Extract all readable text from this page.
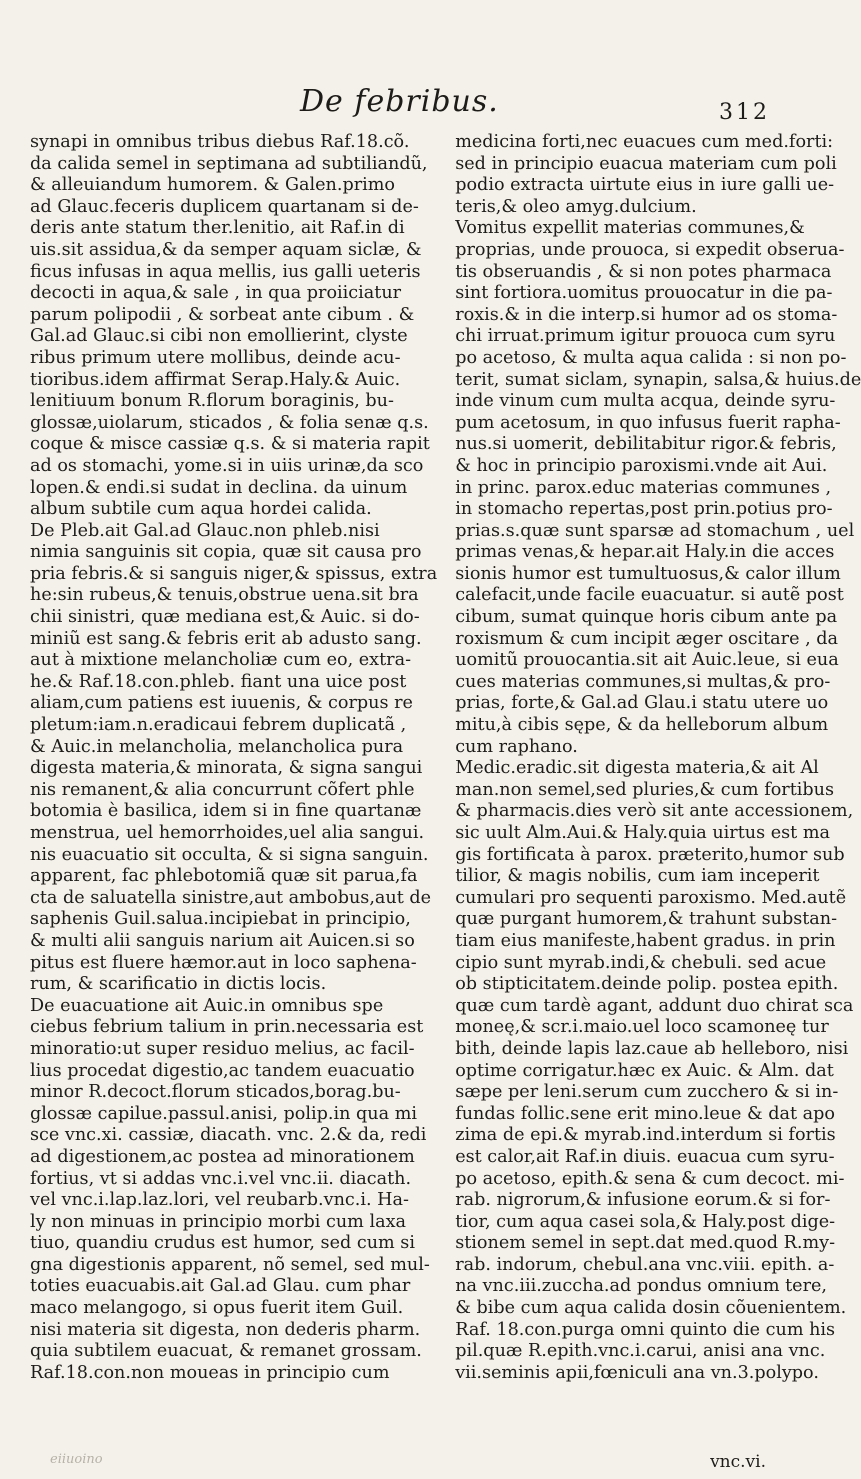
De febribus.	312
synapi in omnibus tribus diebus Raf.18.cõ.
da calida semel in septimana ad subtiliandũ,
& alleuiandum humorem. & Galen.primo
ad Glauc.feceris duplicem quartanam si de-
deris ante statum ther.lenitio, ait Raf.in di
uis.sit assidua,& da semper aquam siclæ, &
ficus infusas in aqua mellis, ius galli ueteris
decocti in aqua,& sale , in qua proiiciatur
parum polipodii , & sorbeat ante cibum . &
Gal.ad Glauc.si cibi non emollierint, clyste
ribus primum utere mollibus, deinde acu-
tioribus.idem affirmat Serap.Haly.& Auic.
lenitiuum bonum R.florum boraginis, bu-
glossæ,uiolarum, sticados , & folia senæ q.s.
coque & misce cassiæ q.s. & si materia rapit
ad os stomachi, yome.si in uiis urinæ,da sco
lopen.& endi.si sudat in declina. da uinum
album subtile cum aqua hordei calida.
De Pleb.ait Gal.ad Glauc.non phleb.nisi
nimia sanguinis sit copia, quæ sit causa pro
pria febris.& si sanguis niger,& spissus, extra
he:sin rubeus,& tenuis,obstrue uena.sit bra
chii sinistri, quæ mediana est,& Auic. si do-
miniũ est sang.& febris erit ab adusto sang.
aut à mixtione melancholiæ cum eo, extra-
he.& Raf.18.con.phleb. fiant una uice post
aliam,cum patiens est iuuenis, & corpus re
pletum:iam.n.eradicaui febrem duplicatã ,
& Auic.in melancholia, melancholica pura
digesta materia,& minorata, & signa sangui
nis remanent,& alia concurrunt cõfert phle
botomia è basilica, idem si in fine quartanæ
menstrua, uel hemorrhoides,uel alia sangui.
nis euacuatio sit occulta, & si signa sanguin.
apparent, fac phlebotomiã quæ sit parua,fa
cta de saluatella sinistre,aut ambobus,aut de
saphenis Guil.salua.incipiebat in principio,
& multi alii sanguis narium ait Auicen.si so
pitus est fluere hæmor.aut in loco saphena-
rum, & scarificatio in dictis locis.
De euacuatione ait Auic.in omnibus spe
ciebus febrium talium in prin.necessaria est
minoratio:ut super residuo melius, ac facil-
lius procedat digestio,ac tandem euacuatio
minor R.decoct.florum sticados,borag.bu-
glossæ capilue.passul.anisi, polip.in qua mi
sce vnc.xi. cassiæ, diacath. vnc. 2.& da, redi
ad digestionem,ac postea ad minorationem
fortius, vt si addas vnc.i.vel vnc.ii. diacath.
vel vnc.i.lap.laz.lori, vel reubarb.vnc.i. Ha-
ly non minuas in principio morbi cum laxa
tiuo, quandiu crudus est humor, sed cum si
gna digestionis apparent, nõ semel, sed mul-
toties euacuabis.ait Gal.ad Glau. cum phar
maco melangogo, si opus fuerit item Guil.
nisi materia sit digesta, non dederis pharm.
quia subtilem euacuat, & remanet grossam.
Raf.18.con.non moueas in principio cum
medicina forti,nec euacues cum med.forti:
sed in principio euacua materiam cum poli
podio extracta uirtute eius in iure galli ue-
teris,& oleo amyg.dulcium.
Vomitus expellit materias communes,&
proprias, unde prouoca, si expedit obserua-
tis obseruandis , & si non potes pharmaca
sint fortiora.uomitus prouocatur in die pa-
roxis.& in die interp.si humor ad os stoma-
chi irruat.primum igitur prouoca cum syru
po acetoso, & multa aqua calida : si non po-
terit, sumat siclam, synapin, salsa,& huius.de
inde vinum cum multa acqua, deinde syru-
pum acetosum, in quo infusus fuerit rapha-
nus.si uomerit, debilitabitur rigor.& febris,
& hoc in principio paroxismi.vnde ait Aui.
in princ. parox.educ materias communes ,
in stomacho repertas,post prin.potius pro-
prias.s.quæ sunt sparsæ ad stomachum , uel
primas venas,& hepar.ait Haly.in die acces
sionis humor est tumultuosus,& calor illum
calefacit,unde facile euacuatur. si autẽ post
cibum, sumat quinque horis cibum ante pa
roxismum & cum incipit æger oscitare , da
uomitũ prouocantia.sit ait Auic.leue, si eua
cues materias communes,si multas,& pro-
prias, forte,& Gal.ad Glau.i statu utere uo
mitu,à cibis sępe, & da helleborum album
cum raphano.
Medic.eradic.sit digesta materia,& ait Al
man.non semel,sed pluries,& cum fortibus
& pharmacis.dies verò sit ante accessionem,
sic uult Alm.Aui.& Haly.quia uirtus est ma
gis fortificata à parox. præterito,humor sub
tilior, & magis nobilis, cum iam inceperit
cumulari pro sequenti paroxismo. Med.autẽ
quæ purgant humorem,& trahunt substan-
tiam eius manifeste,habent gradus. in prin
cipio sunt myrab.indi,& chebuli. sed acue
ob stipticitatem.deinde polip. postea epith.
quæ cum tardè agant, addunt duo chirat sca
moneę,& scr.i.maio.uel loco scamoneę tur
bith, deinde lapis laz.caue ab helleboro, nisi
optime corrigatur.hæc ex Auic. & Alm. dat
sæpe per leni.serum cum zucchero & si in-
fundas follic.sene erit mino.leue & dat apo
zima de epi.& myrab.ind.interdum si fortis
est calor,ait Raf.in diuis. euacua cum syru-
po acetoso, epith.& sena & cum decoct. mi-
rab. nigrorum,& infusione eorum.& si for-
tior, cum aqua casei sola,& Haly.post dige-
stionem semel in sept.dat med.quod R.my-
rab. indorum, chebul.ana vnc.viii. epith. a-
na vnc.iii.zuccha.ad pondus omnium tere,
& bibe cum aqua calida dosin cõuenientem.
Raf. 18.con.purga omni quinto die cum his
pil.quæ R.epith.vnc.i.carui, anisi ana vnc.
vii.seminis apii,fœniculi ana vn.3.polypo.
eiiuoino	vnc.vi.
